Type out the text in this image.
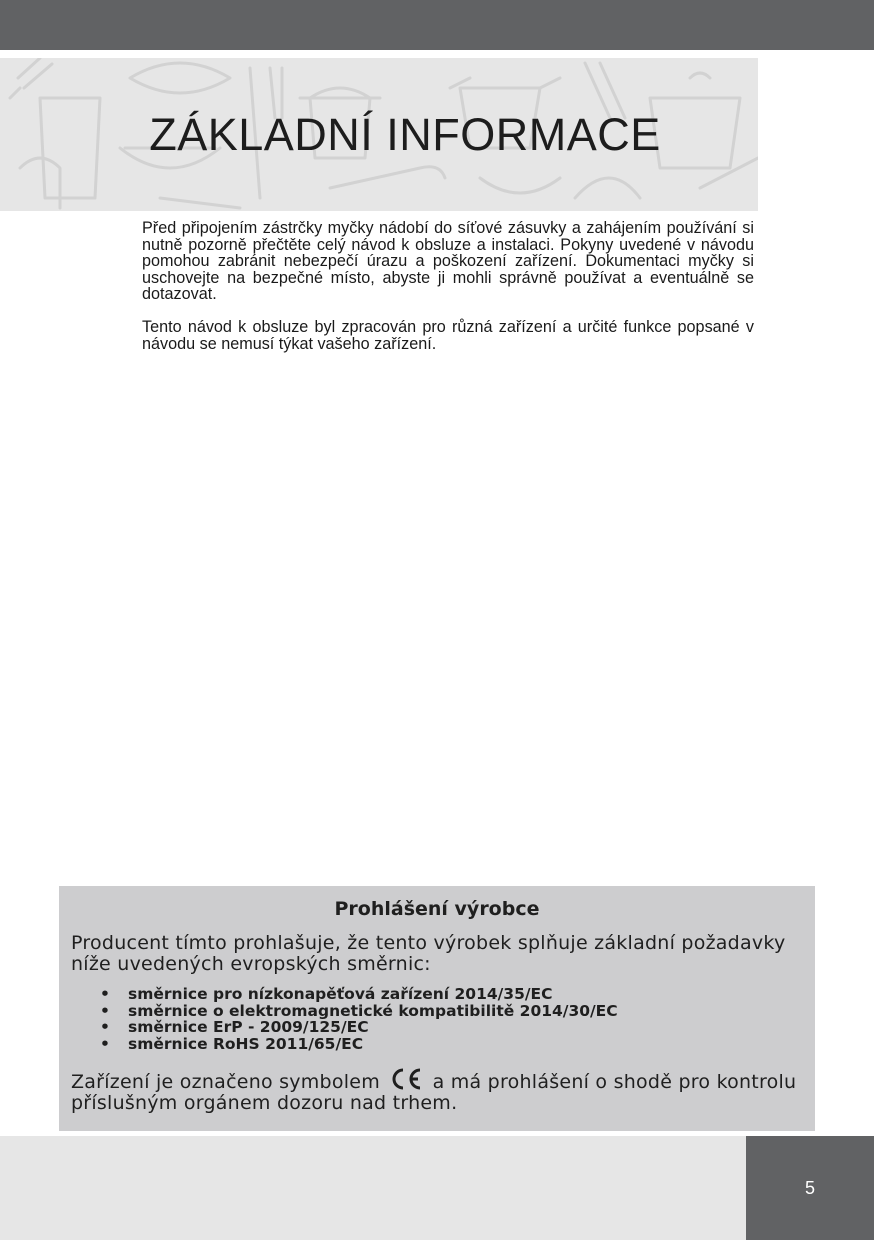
ZÁKLADNÍ INFORMACE

Před připojením zástrčky myčky nádobí do síťové zásuvky a zahájením používání si nutně pozorně přečtěte celý návod k obsluze a instalaci. Pokyny uvedené v návodu pomohou zabránit nebezpečí úrazu a poškození zařízení. Dokumentaci myčky si uschovejte na bezpečné místo, abyste ji mohli správně používat a eventuálně se dotazovat.

Tento návod k obsluze byl zpracován pro různá zařízení a určité funkce popsané v návodu se nemusí týkat vašeho zařízení.

Prohlášení výrobce

Producent tímto prohlašuje, že tento výrobek splňuje základní požadavky níže uvedených evropských směrnic:

• směrnice pro nízkonapěťová zařízení 2014/35/EC
• směrnice o elektromagnetické kompatibilitě 2014/30/EC
• směrnice ErP - 2009/125/EC
• směrnice RoHS 2011/65/EC

Zařízení je označeno symbolem	a má prohlášení o shodě pro kontrolu příslušným orgánem dozoru nad trhem.

5
